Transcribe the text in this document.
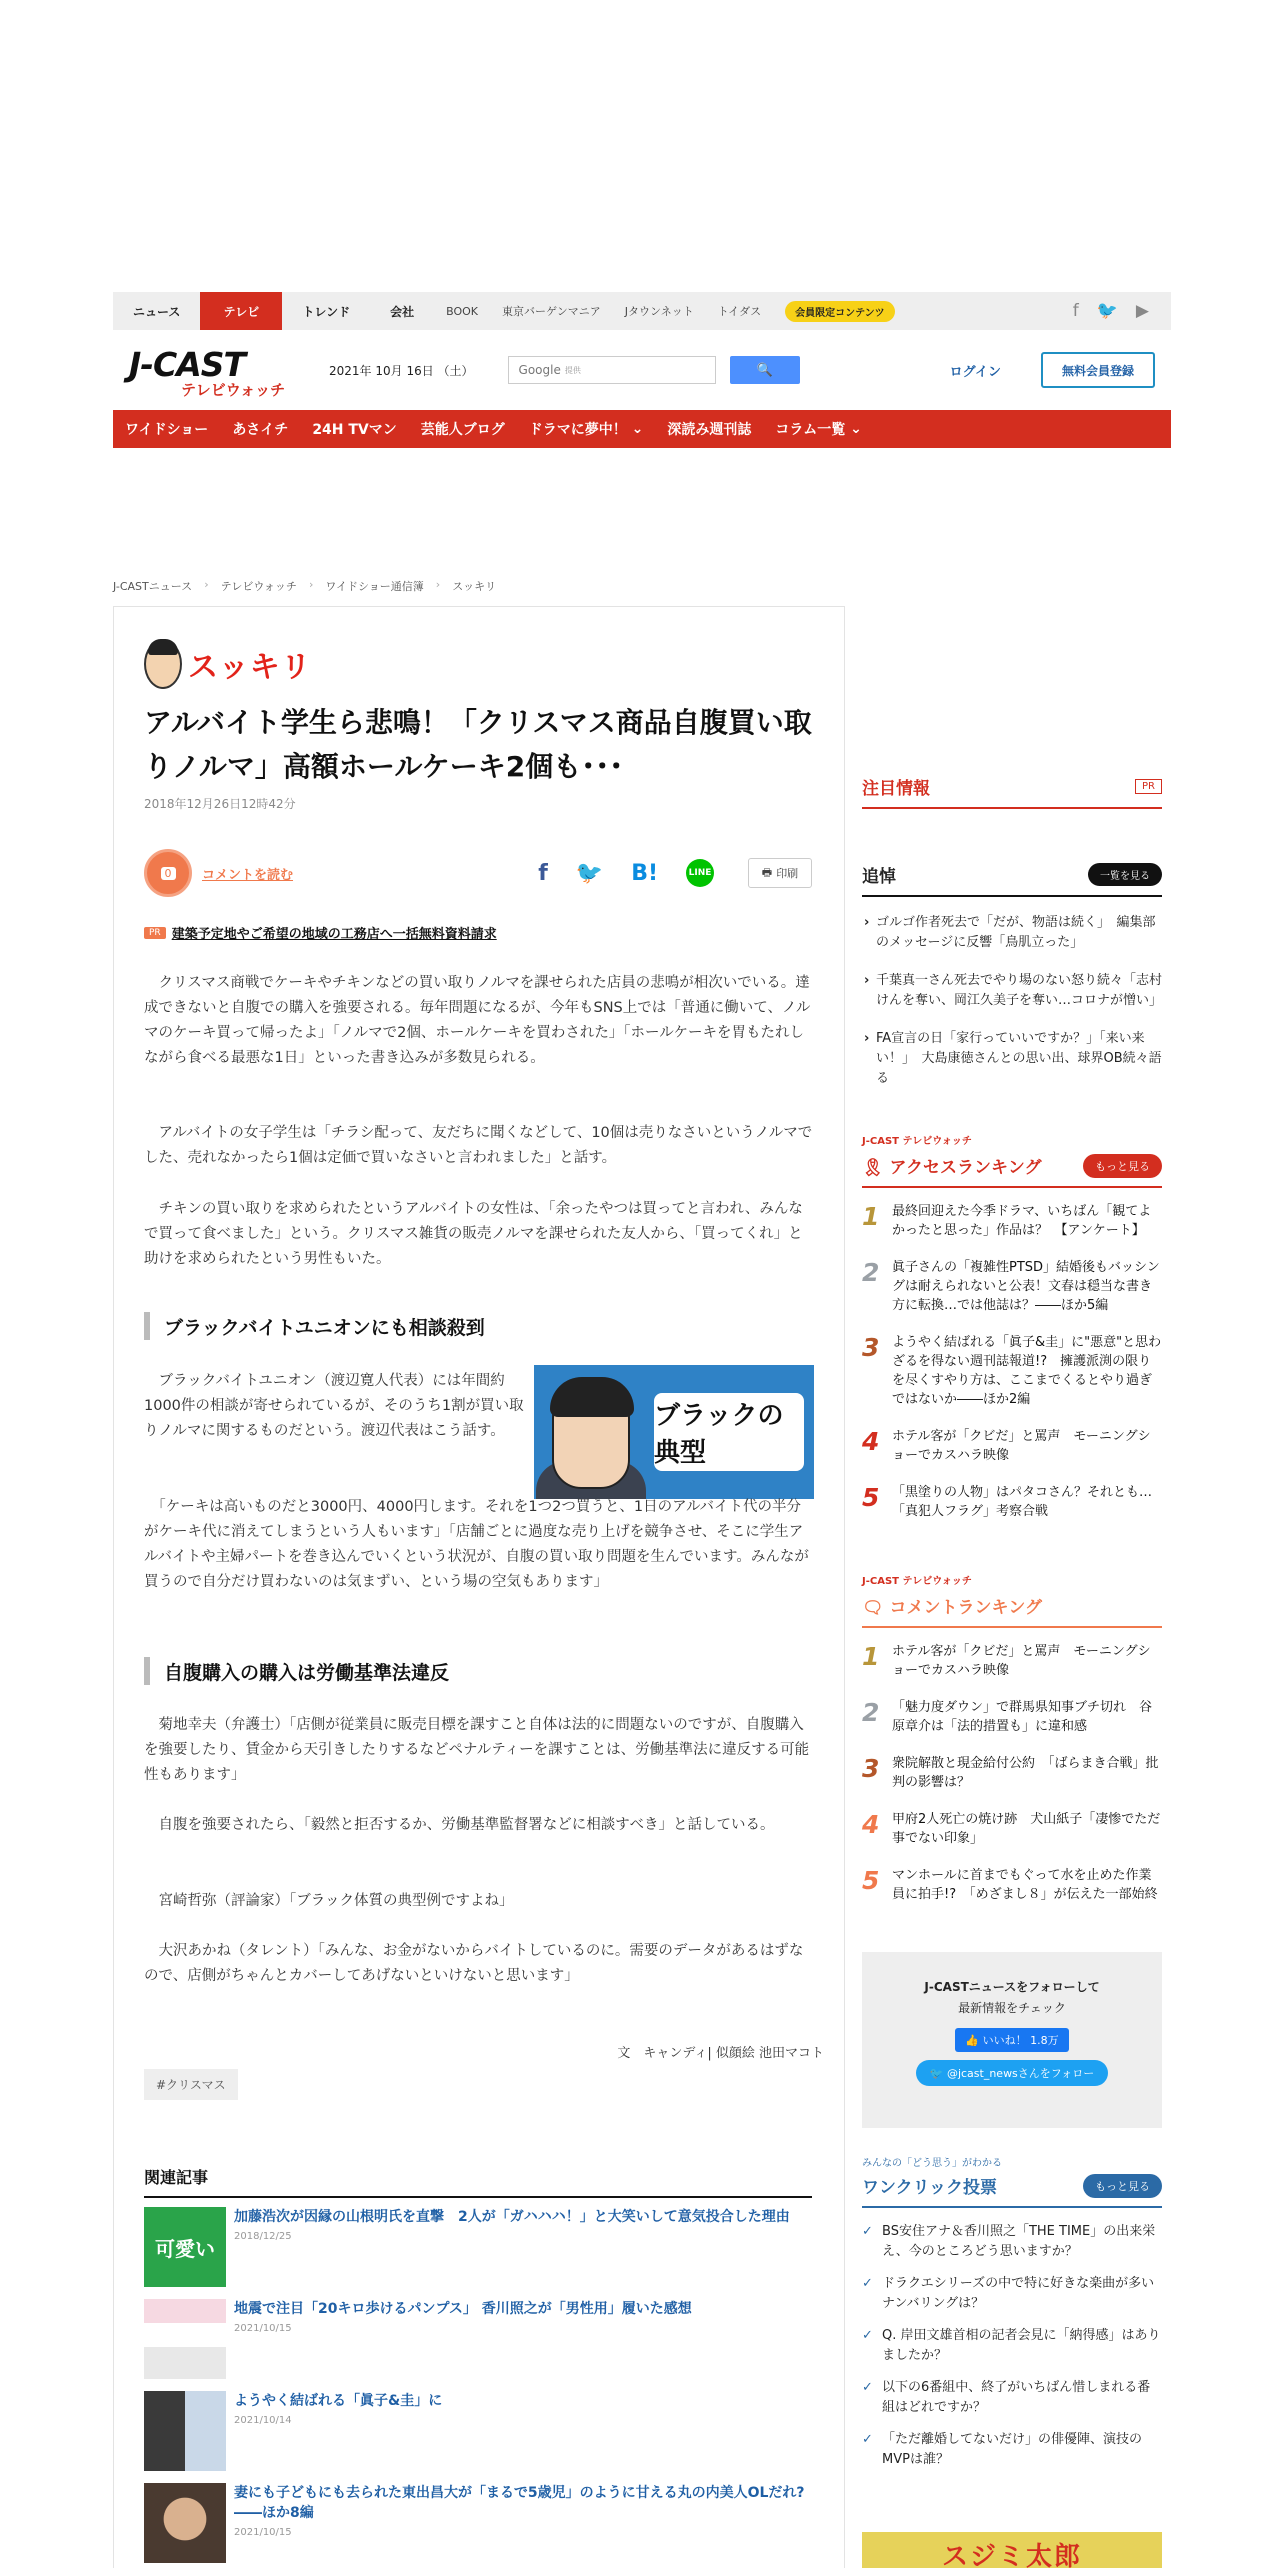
ニュース	テレビ	トレンド	会社	BOOK	東京バーゲンマニア	Jタウンネット	トイダス	会員限定コンテンツ	f 🐦 ▶
J-CAST
テレビウォッチ
2021年 10月 16日 （土）	Google 提供	🔍	ログイン	無料会員登録
ワイドショー	あさイチ	24H TVマン	芸能人ブログ	ドラマに夢中！
⌄	深読み週刊誌	コラム一覧
⌄
J-CASTニュース › テレビウォッチ › ワイドショー通信簿 › スッキリ
スッキリ
アルバイト学生ら悲鳴！「クリスマス商品自腹買い取りノルマ」高額ホールケーキ2個も･･･
2018年12月26日12時42分
0	コメントを読む	f 🐦 B!	LINE	🖶 印刷
PR 建築予定地やご希望の地域の工務店へ一括無料資料請求

　クリスマス商戦でケーキやチキンなどの買い取りノルマを課せられた店員の悲鳴が相次いでいる。達成できないと自腹での購入を強要される。毎年問題になるが、今年もSNS上では「普通に働いて、ノルマのケーキ買って帰ったよ」「ノルマで2個、ホールケーキを買わされた」「ホールケーキを胃もたれしながら食べる最悪な1日」といった書き込みが多数見られる。

　アルバイトの女子学生は「チラシ配って、友だちに聞くなどして、10個は売りなさいというノルマでした、売れなかったら1個は定価で買いなさいと言われました」と話す。

　チキンの買い取りを求められたというアルバイトの女性は、「余ったやつは買ってと言われ、みんなで買って食べました」という。クリスマス雑貨の販売ノルマを課せられた友人から、「買ってくれ」と助けを求められたという男性もいた。

ブラックバイトユニオンにも相談殺到

　ブラックバイトユニオン（渡辺寛人代表）には年間約1000件の相談が寄せられているが、そのうち1割が買い取りノルマに関するものだという。渡辺代表はこう話す。	ブラックの典型

　「ケーキは高いものだと3000円、4000円します。それを1つ2つ買うと、1日のアルバイト代の半分がケーキ代に消えてしまうという人もいます」「店舗ごとに過度な売り上げを競争させ、そこに学生アルバイトや主婦パートを巻き込んでいくという状況が、自腹の買い取り問題を生んでいます。みんなが買うので自分だけ買わないのは気まずい、という場の空気もあります」

自腹購入の購入は労働基準法違反

　菊地幸夫（弁護士）「店側が従業員に販売目標を課すこと自体は法的に問題ないのですが、自腹購入を強要したり、賃金から天引きしたりするなどペナルティーを課すことは、労働基準法に違反する可能性もあります」

　自腹を強要されたら、「毅然と拒否するか、労働基準監督署などに相談すべき」と話している。

　宮崎哲弥（評論家）「ブラック体質の典型例ですよね」

　大沢あかね（タレント）「みんな、お金がないからバイトしているのに。需要のデータがあるはずなので、店側がちゃんとカバーしてあげないといけないと思います」

文　キャンディ| 似顔絵 池田マコト
#クリスマス
関連記事
可愛い
加藤浩次が因縁の山根明氏を直撃　2人が「ガハハハ！」と大笑いして意気投合した理由
2018/12/25
地震で注目「20キロ歩けるパンプス」 香川照之が「男性用」履いた感想
2021/10/15
ようやく結ばれる「眞子&圭」に
2021/10/14
妻にも子どもにも去られた東出昌大が「まるで5歳児」のように甘える丸の内美人OLだれ?――ほか8編
2021/10/15
注目情報	PR
追悼	一覧を見る
› ゴルゴ作者死去で「だが、物語は続く」　編集部のメッセージに反響「鳥肌立った」
› 千葉真一さん死去でやり場のない怒り続々「志村けんを奪い、岡江久美子を奪い…コロナが憎い」
› FA宣言の日「家行っていいですか？」「来い来い！」　大島康徳さんとの思い出、球界OB続々語る
J-CAST テレビウォッチ
🎗 アクセスランキング	もっと見る
1 最終回迎えた今季ドラマ、いちばん「観てよかったと思った」作品は？　【アンケート】
2 眞子さんの「複雑性PTSD」結婚後もバッシングは耐えられないと公表！文春は穏当な書き方に転換…では他誌は？――ほか5編
3 ようやく結ばれる「眞子&圭」に"悪意"と思わざるを得ない週刊誌報道!?　擁護派渕の限りを尽くすやり方は、ここまでくるとやり過ぎではないか――ほか2編
4 ホテル客が「クビだ」と罵声　モーニングショーでカスハラ映像
5 「黒塗りの人物」はパタコさん？それとも…　「真犯人フラグ」考察合戦
J-CAST テレビウォッチ
🗨 コメントランキング
1 ホテル客が「クビだ」と罵声　モーニングショーでカスハラ映像
2 「魅力度ダウン」で群馬県知事ブチ切れ　谷原章介は「法的措置も」に違和感
3 衆院解散と現金給付公約　「ばらまき合戦」批判の影響は？
4 甲府2人死亡の焼け跡　犬山紙子「凄惨でただ事でない印象」
5 マンホールに首までもぐって水を止めた作業員に拍手!?　「めざまし８」が伝えた一部始終
J-CASTニュースをフォローして
最新情報をチェック
👍 いいね！ 1.8万
🐦 @jcast_newsさんをフォロー
みんなの「どう思う」がわかる
ワンクリック投票	もっと見る
✓ BS安住アナ＆香川照之「THE TIME」の出来栄え、今のところどう思いますか？
✓ ドラクエシリーズの中で特に好きな楽曲が多いナンバリングは？
✓ Q. 岸田文雄首相の記者会見に「納得感」はありましたか？
✓ 以下の6番組中、終了がいちばん惜しまれる番組はどれですか？
✓ 「ただ離婚してないだけ」の俳優陣、演技のMVPは誰？
スジミ太郎
